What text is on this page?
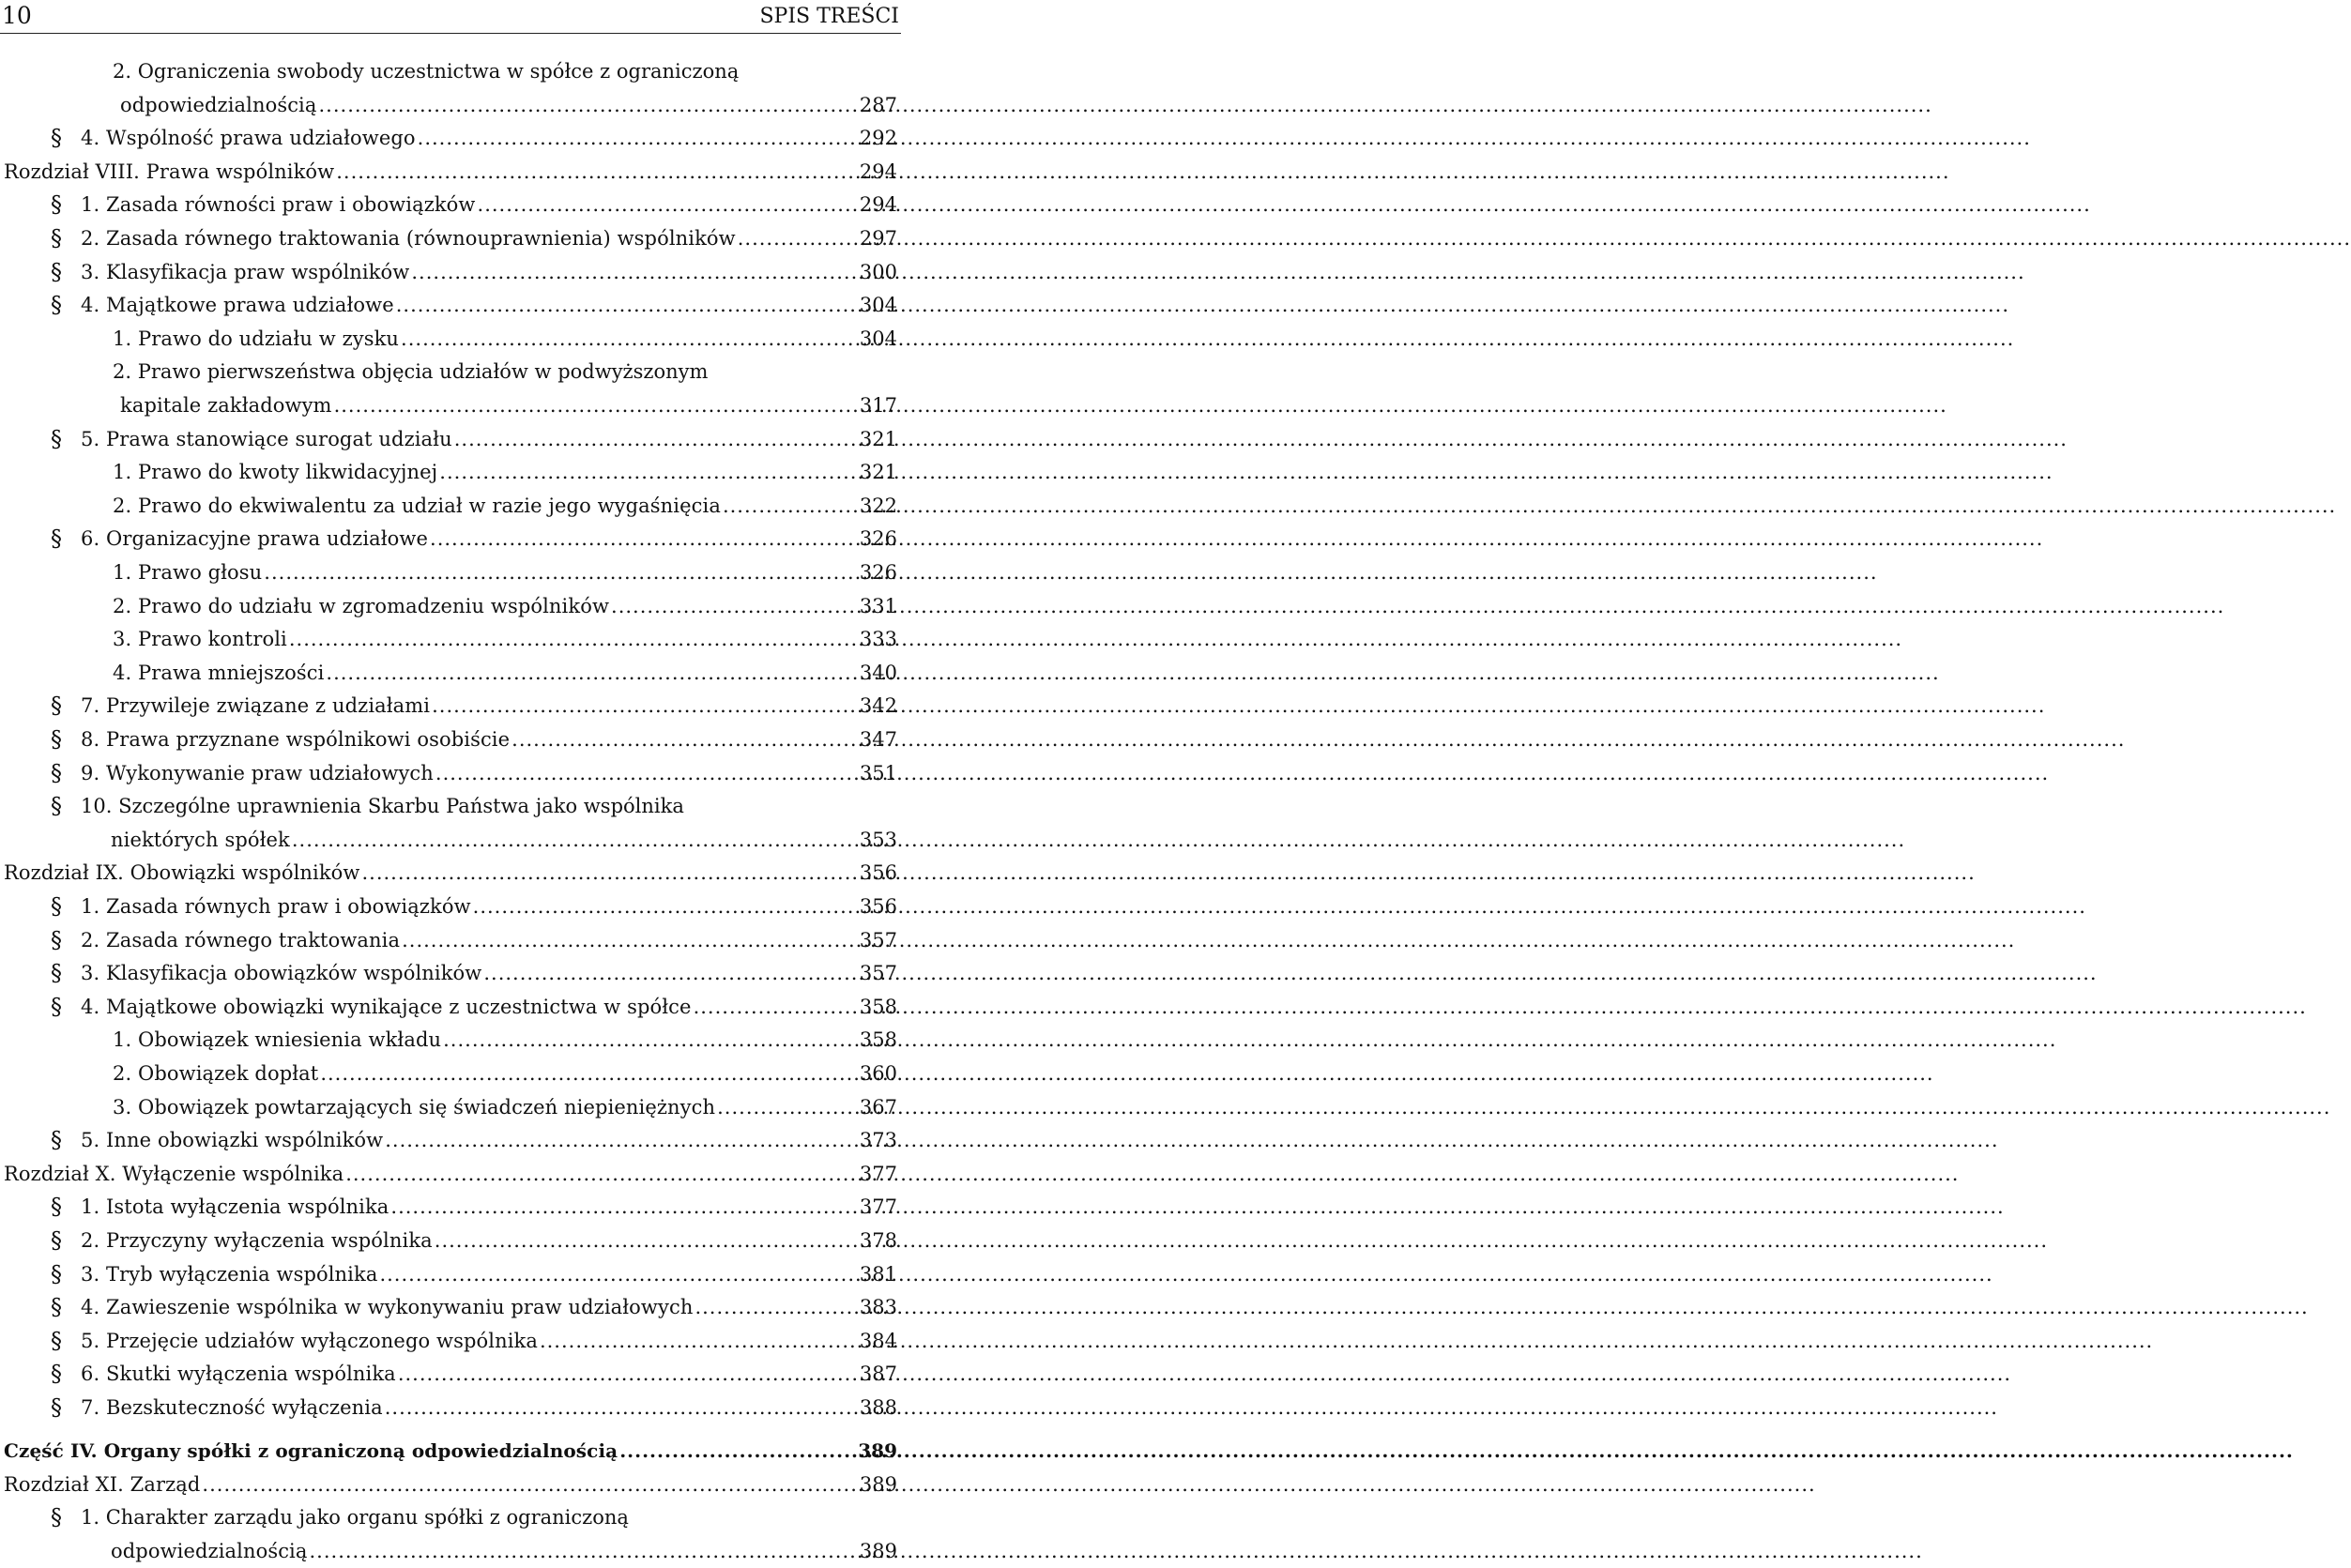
10	SPIS TREŚCI
2. Ograniczenia swobody uczestnictwa w spółce z ograniczoną
odpowiedzialnością .....	287
§ 4. Wspólność prawa udziałowego .....	292
Rozdział VIII. Prawa wspólników .....	294
§ 1. Zasada równości praw i obowiązków .....	294
§ 2. Zasada równego traktowania (równouprawnienia) wspólników .....	297
§ 3. Klasyfikacja praw wspólników .....	300
§ 4. Majątkowe prawa udziałowe .....	304
1. Prawo do udziału w zysku .....	304
2. Prawo pierwszeństwa objęcia udziałów w podwyższonym
kapitale zakładowym .....	317
§ 5. Prawa stanowiące surogat udziału .....	321
1. Prawo do kwoty likwidacyjnej .....	321
2. Prawo do ekwiwalentu za udział w razie jego wygaśnięcia .....	322
§ 6. Organizacyjne prawa udziałowe .....	326
1. Prawo głosu .....	326
2. Prawo do udziału w zgromadzeniu wspólników .....	331
3. Prawo kontroli .....	333
4. Prawa mniejszości .....	340
§ 7. Przywileje związane z udziałami .....	342
§ 8. Prawa przyznane wspólnikowi osobiście .....	347
§ 9. Wykonywanie praw udziałowych .....	351
§ 10. Szczególne uprawnienia Skarbu Państwa jako wspólnika
niektórych spółek .....	353
Rozdział IX. Obowiązki wspólników .....	356
§ 1. Zasada równych praw i obowiązków .....	356
§ 2. Zasada równego traktowania .....	357
§ 3. Klasyfikacja obowiązków wspólników .....	357
§ 4. Majątkowe obowiązki wynikające z uczestnictwa w spółce .....	358
1. Obowiązek wniesienia wkładu .....	358
2. Obowiązek dopłat .....	360
3. Obowiązek powtarzających się świadczeń niepieniężnych .....	367
§ 5. Inne obowiązki wspólników .....	373
Rozdział X. Wyłączenie wspólnika .....	377
§ 1. Istota wyłączenia wspólnika .....	377
§ 2. Przyczyny wyłączenia wspólnika .....	378
§ 3. Tryb wyłączenia wspólnika .....	381
§ 4. Zawieszenie wspólnika w wykonywaniu praw udziałowych .....	383
§ 5. Przejęcie udziałów wyłączonego wspólnika .....	384
§ 6. Skutki wyłączenia wspólnika .....	387
§ 7. Bezskuteczność wyłączenia .....	388
Część IV. Organy spółki z ograniczoną odpowiedzialnością .....	389
Rozdział XI. Zarząd .....	389
§ 1. Charakter zarządu jako organu spółki z ograniczoną
odpowiedzialnością .....	389
